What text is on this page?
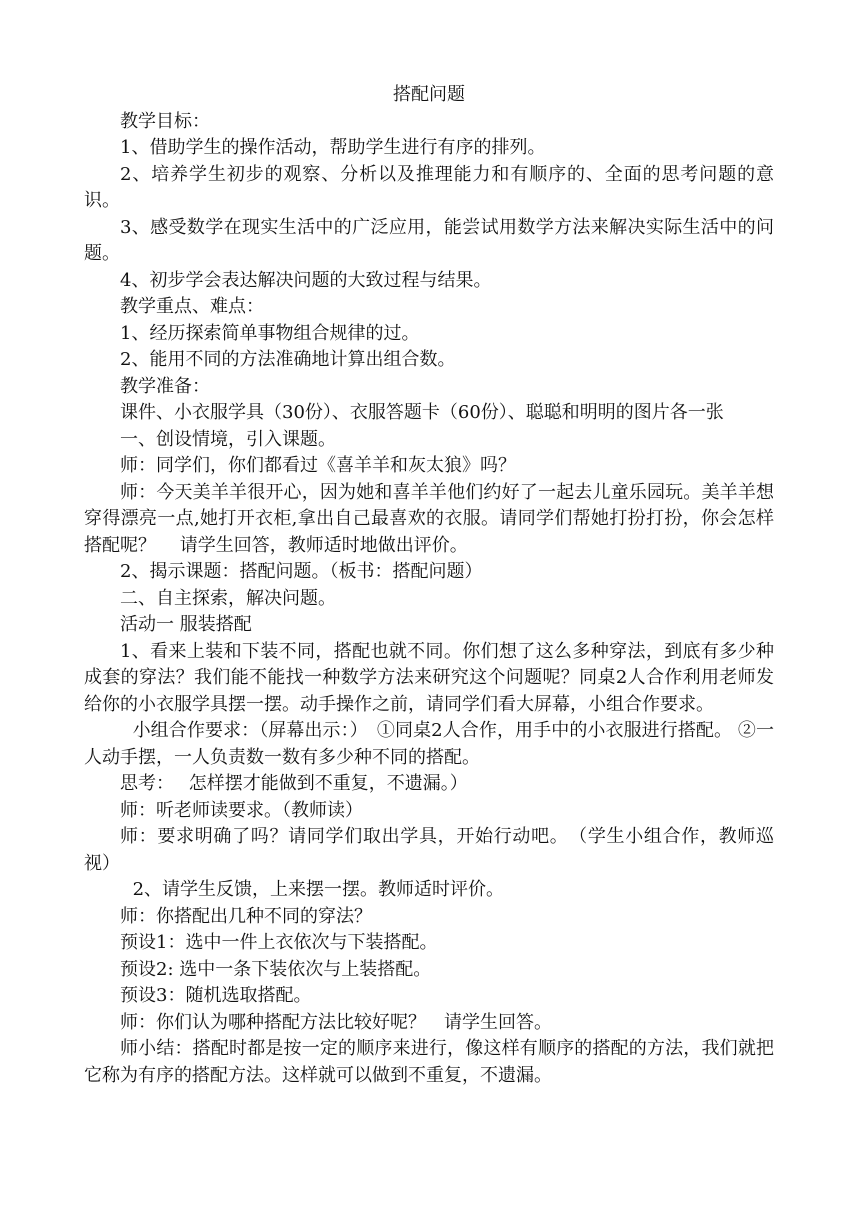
搭配问题

教学目标：

1、借助学生的操作活动，帮助学生进行有序的排列。

2、培养学生初步的观察、分析以及推理能力和有顺序的、全面的思考问题的意识。

3、感受数学在现实生活中的广泛应用，能尝试用数学方法来解决实际生活中的问题。

4、初步学会表达解决问题的大致过程与结果。

教学重点、难点：

1、经历探索简单事物组合规律的过。

2、能用不同的方法准确地计算出组合数。

教学准备：

课件、小衣服学具（30份）、衣服答题卡（60份）、聪聪和明明的图片各一张

一、创设情境，引入课题。

师：同学们，你们都看过《喜羊羊和灰太狼》吗？

师：今天美羊羊很开心，因为她和喜羊羊他们约好了一起去儿童乐园玩。美羊羊想穿得漂亮一点,她打开衣柜,拿出自己最喜欢的衣服。请同学们帮她打扮打扮，你会怎样搭配呢？　 请学生回答，教师适时地做出评价。

2、揭示课题：搭配问题。（板书：搭配问题）

二、自主探索，解决问题。

活动一 服装搭配

1、看来上装和下装不同，搭配也就不同。你们想了这么多种穿法，到底有多少种成套的穿法？我们能不能找一种数学方法来研究这个问题呢？同桌2人合作利用老师发给你的小衣服学具摆一摆。动手操作之前，请同学们看大屏幕，小组合作要求。

小组合作要求：（屏幕出示：）　①同桌2人合作，用手中的小衣服进行搭配。 ②一人动手摆，一人负责数一数有多少种不同的搭配。

思考：　 怎样摆才能做到不重复，不遗漏。）

师：听老师读要求。（教师读）

师：要求明确了吗？请同学们取出学具，开始行动吧。　（学生小组合作，教师巡视）

2、请学生反馈，上来摆一摆。教师适时评价。

师：你搭配出几种不同的穿法？

预设1：选中一件上衣依次与下装搭配。

预设2: 选中一条下装依次与上装搭配。

预设3：随机选取搭配。

师：你们认为哪种搭配方法比较好呢？　请学生回答。

师小结：搭配时都是按一定的顺序来进行，像这样有顺序的搭配的方法，我们就把它称为有序的搭配方法。这样就可以做到不重复，不遗漏。
